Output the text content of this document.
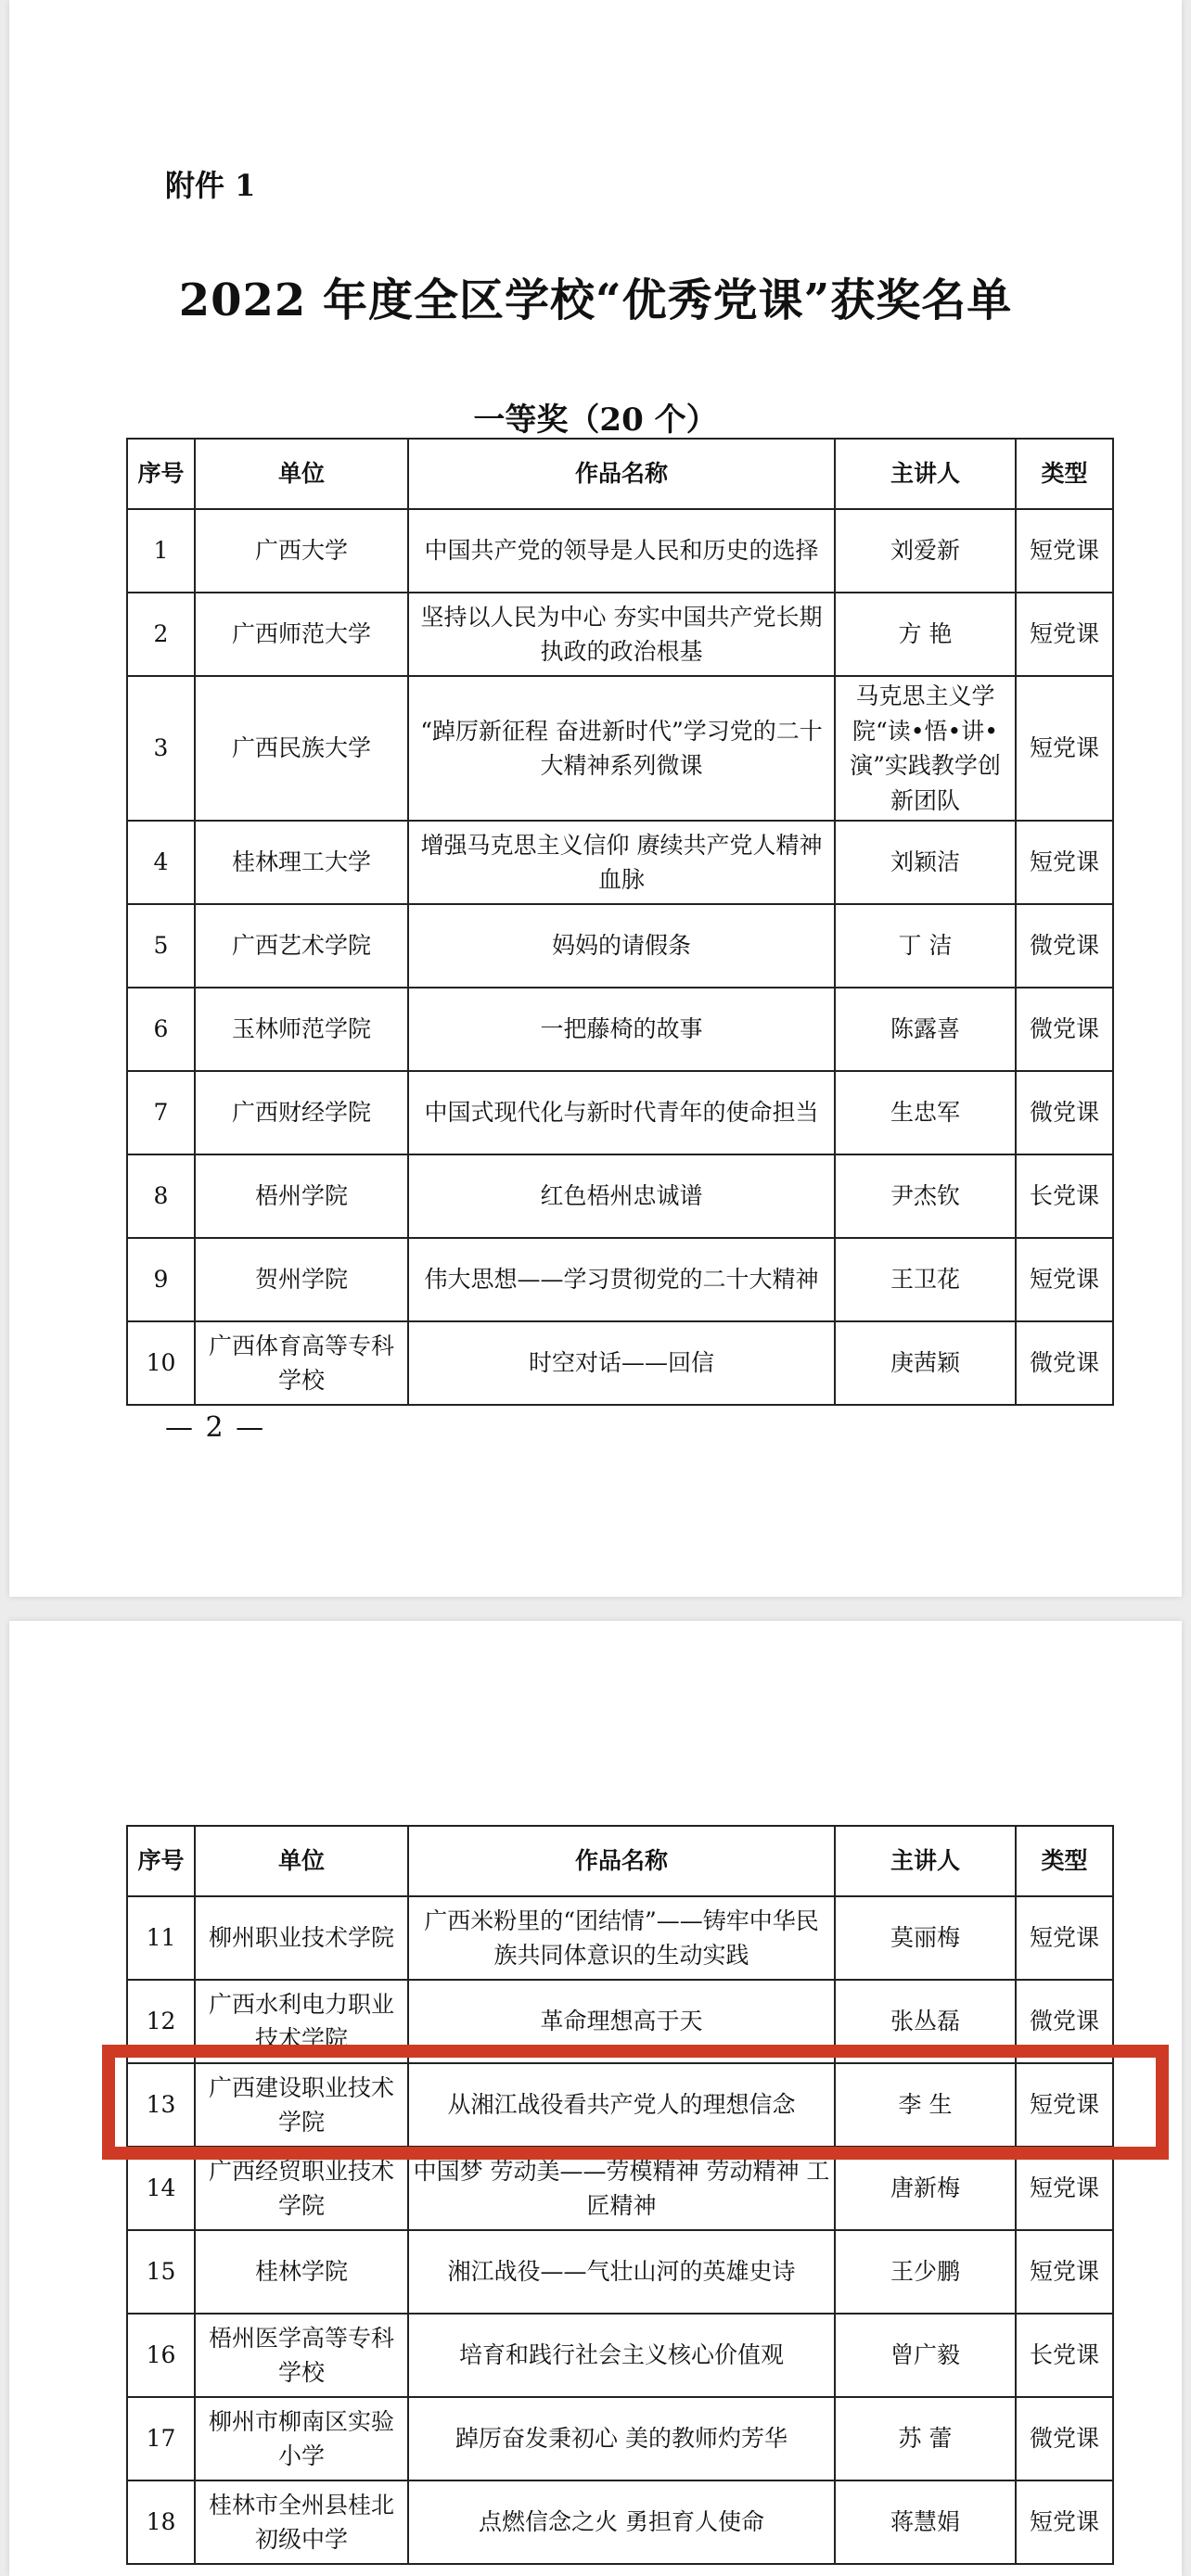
附件 1
2022 年度全区学校“优秀党课”获奖名单
一等奖（20 个）
序号	单位	作品名称	主讲人	类型
1	广西大学	中国共产党的领导是人民和历史的选择	刘爱新	短党课
2	广西师范大学	坚持以人民为中心 夯实中国共产党长期执政的政治根基	方 艳	短党课
3	广西民族大学	“踔厉新征程 奋进新时代”学习党的二十大精神系列微课	马克思主义学院“读•悟•讲•演”实践教学创新团队	短党课
4	桂林理工大学	增强马克思主义信仰 赓续共产党人精神血脉	刘颖洁	短党课
5	广西艺术学院	妈妈的请假条	丁 洁	微党课
6	玉林师范学院	一把藤椅的故事	陈露喜	微党课
7	广西财经学院	中国式现代化与新时代青年的使命担当	生忠军	微党课
8	梧州学院	红色梧州忠诚谱	尹杰钦	长党课
9	贺州学院	伟大思想——学习贯彻党的二十大精神	王卫花	短党课
10	广西体育高等专科学校	时空对话——回信	庚茜颖	微党课
— 2 —
序号	单位	作品名称	主讲人	类型
11	柳州职业技术学院	广西米粉里的“团结情”——铸牢中华民族共同体意识的生动实践	莫丽梅	短党课
12	广西水利电力职业技术学院	革命理想高于天	张丛磊	微党课
13	广西建设职业技术学院	从湘江战役看共产党人的理想信念	李 生	短党课
14	广西经贸职业技术学院	中国梦 劳动美——劳模精神 劳动精神 工匠精神	唐新梅	短党课
15	桂林学院	湘江战役——气壮山河的英雄史诗	王少鹏	短党课
16	梧州医学高等专科学校	培育和践行社会主义核心价值观	曾广毅	长党课
17	柳州市柳南区实验小学	踔厉奋发秉初心 美的教师灼芳华	苏 蕾	微党课
18	桂林市全州县桂北初级中学	点燃信念之火 勇担育人使命	蒋慧娟	短党课
